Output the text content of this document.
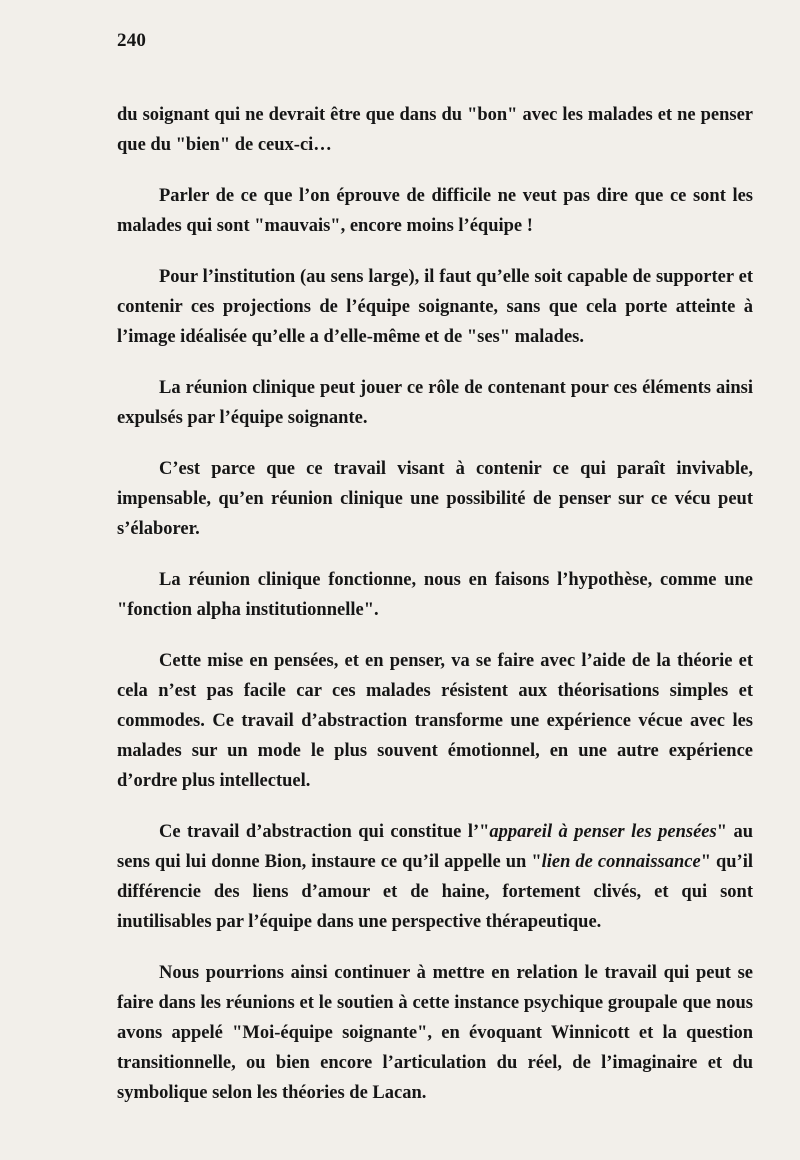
240

du soignant qui ne devrait être que dans du "bon" avec les malades et ne penser que du "bien" de ceux-ci…

Parler de ce que l’on éprouve de difficile ne veut pas dire que ce sont les malades qui sont "mauvais", encore moins l’équipe !

Pour l’institution (au sens large), il faut qu’elle soit capable de supporter et contenir ces projections de l’équipe soignante, sans que cela porte atteinte à l’image idéalisée qu’elle a d’elle-même et de "ses" malades.

La réunion clinique peut jouer ce rôle de contenant pour ces éléments ainsi expulsés par l’équipe soignante.

C’est parce que ce travail visant à contenir ce qui paraît invivable, impensable, qu’en réunion clinique une possibilité de penser sur ce vécu peut s’élaborer.

La réunion clinique fonctionne, nous en faisons l’hypothèse, comme une "fonction alpha institutionnelle".

Cette mise en pensées, et en penser, va se faire avec l’aide de la théorie et cela n’est pas facile car ces malades résistent aux théorisations simples et commodes. Ce travail d’abstraction transforme une expérience vécue avec les malades sur un mode le plus souvent émotionnel, en une autre expérience d’ordre plus intellectuel.

Ce travail d’abstraction qui constitue l’"appareil à penser les pensées" au sens qui lui donne Bion, instaure ce qu’il appelle un "lien de connaissance" qu’il différencie des liens d’amour et de haine, fortement clivés, et qui sont inutilisables par l’équipe dans une perspective thérapeutique.

Nous pourrions ainsi continuer à mettre en relation le travail qui peut se faire dans les réunions et le soutien à cette instance psychique groupale que nous avons appelé "Moi-équipe soignante", en évoquant Winnicott et la question transitionnelle, ou bien encore l’articulation du réel, de l’imaginaire et du symbolique selon les théories de Lacan.
